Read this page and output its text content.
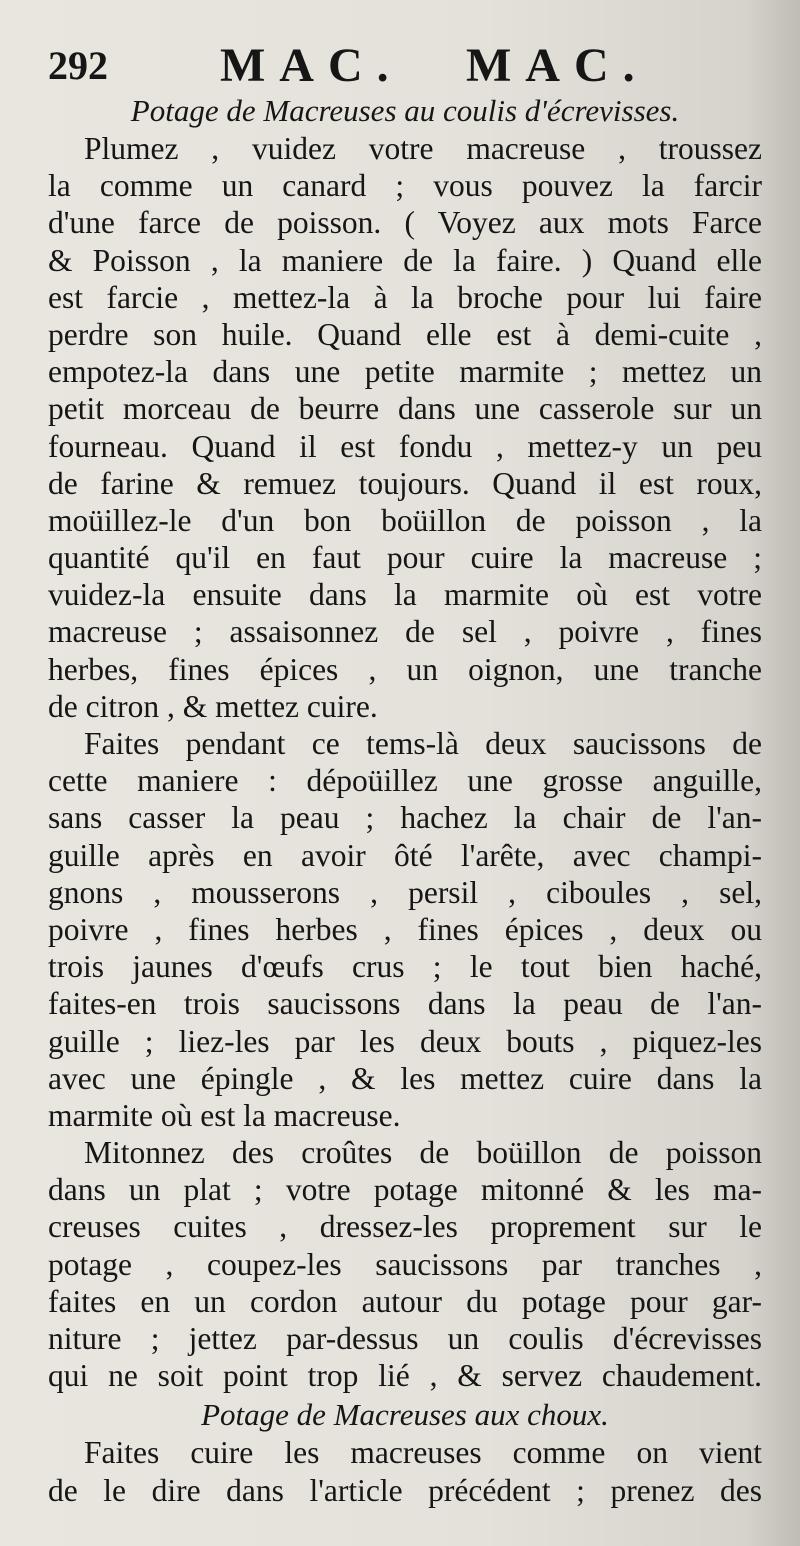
292 MAC. MAC.
Potage de Macreuses au coulis d'écrevisses.
Plumez , vuidez votre macreuse , troussez
la comme un canard ; vous pouvez la farcir
d'une farce de poisson. ( Voyez aux mots Farce
& Poisson , la maniere de la faire. ) Quand elle
est farcie , mettez-la à la broche pour lui faire
perdre son huile. Quand elle est à demi-cuite ,
empotez-la dans une petite marmite ; mettez un
petit morceau de beurre dans une casserole sur un
fourneau. Quand il est fondu , mettez-y un peu
de farine & remuez toujours. Quand il est roux,
moüillez-le d'un bon boüillon de poisson , la
quantité qu'il en faut pour cuire la macreuse ;
vuidez-la ensuite dans la marmite où est votre
macreuse ; assaisonnez de sel , poivre , fines
herbes, fines épices , un oignon, une tranche
de citron , & mettez cuire.
Faites pendant ce tems-là deux saucissons de
cette maniere : dépoüillez une grosse anguille,
sans casser la peau ; hachez la chair de l'an-
guille après en avoir ôté l'arête, avec champi-
gnons , mousserons , persil , ciboules , sel,
poivre , fines herbes , fines épices , deux ou
trois jaunes d'œufs crus ; le tout bien haché,
faites-en trois saucissons dans la peau de l'an-
guille ; liez-les par les deux bouts , piquez-les
avec une épingle , & les mettez cuire dans la
marmite où est la macreuse.
Mitonnez des croûtes de boüillon de poisson
dans un plat ; votre potage mitonné & les ma-
creuses cuites , dressez-les proprement sur le
potage , coupez-les saucissons par tranches ,
faites en un cordon autour du potage pour gar-
niture ; jettez par-dessus un coulis d'écrevisses
qui ne soit point trop lié , & servez chaudement.
Potage de Macreuses aux choux.
Faites cuire les macreuses comme on vient
de le dire dans l'article précédent ; prenez des
